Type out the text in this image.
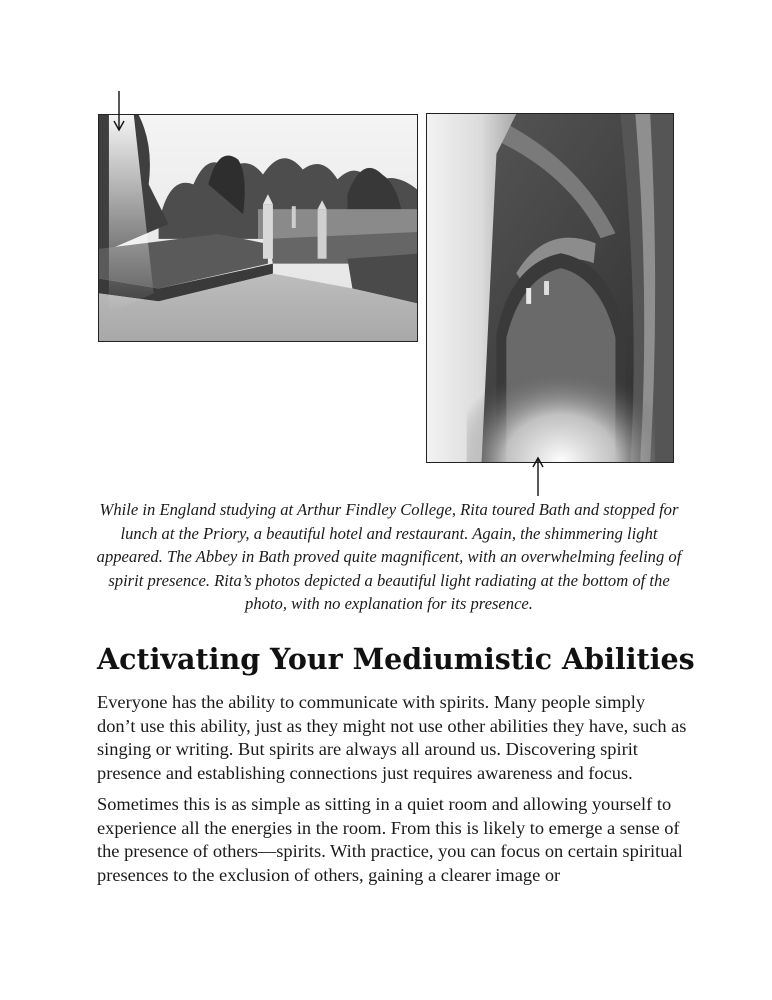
While in England studying at Arthur Findley College, Rita toured Bath and stopped for lunch at the Priory, a beautiful hotel and restaurant. Again, the shimmering light appeared. The Abbey in Bath proved quite magnificent, with an overwhelming feeling of spirit presence. Rita’s photos depicted a beautiful light radiating at the bottom of the photo, with no explanation for its presence.
Activating Your Mediumistic Abilities

Everyone has the ability to communicate with spirits. Many people simply don’t use this ability, just as they might not use other abilities they have, such as singing or writing. But spirits are always all around us. Discovering spirit presence and establishing connections just requires awareness and focus.

Sometimes this is as simple as sitting in a quiet room and allowing yourself to experience all the energies in the room. From this is likely to emerge a sense of the presence of others—spirits. With practice, you can focus on certain spiritual presences to the exclusion of others, gaining a clearer image or
